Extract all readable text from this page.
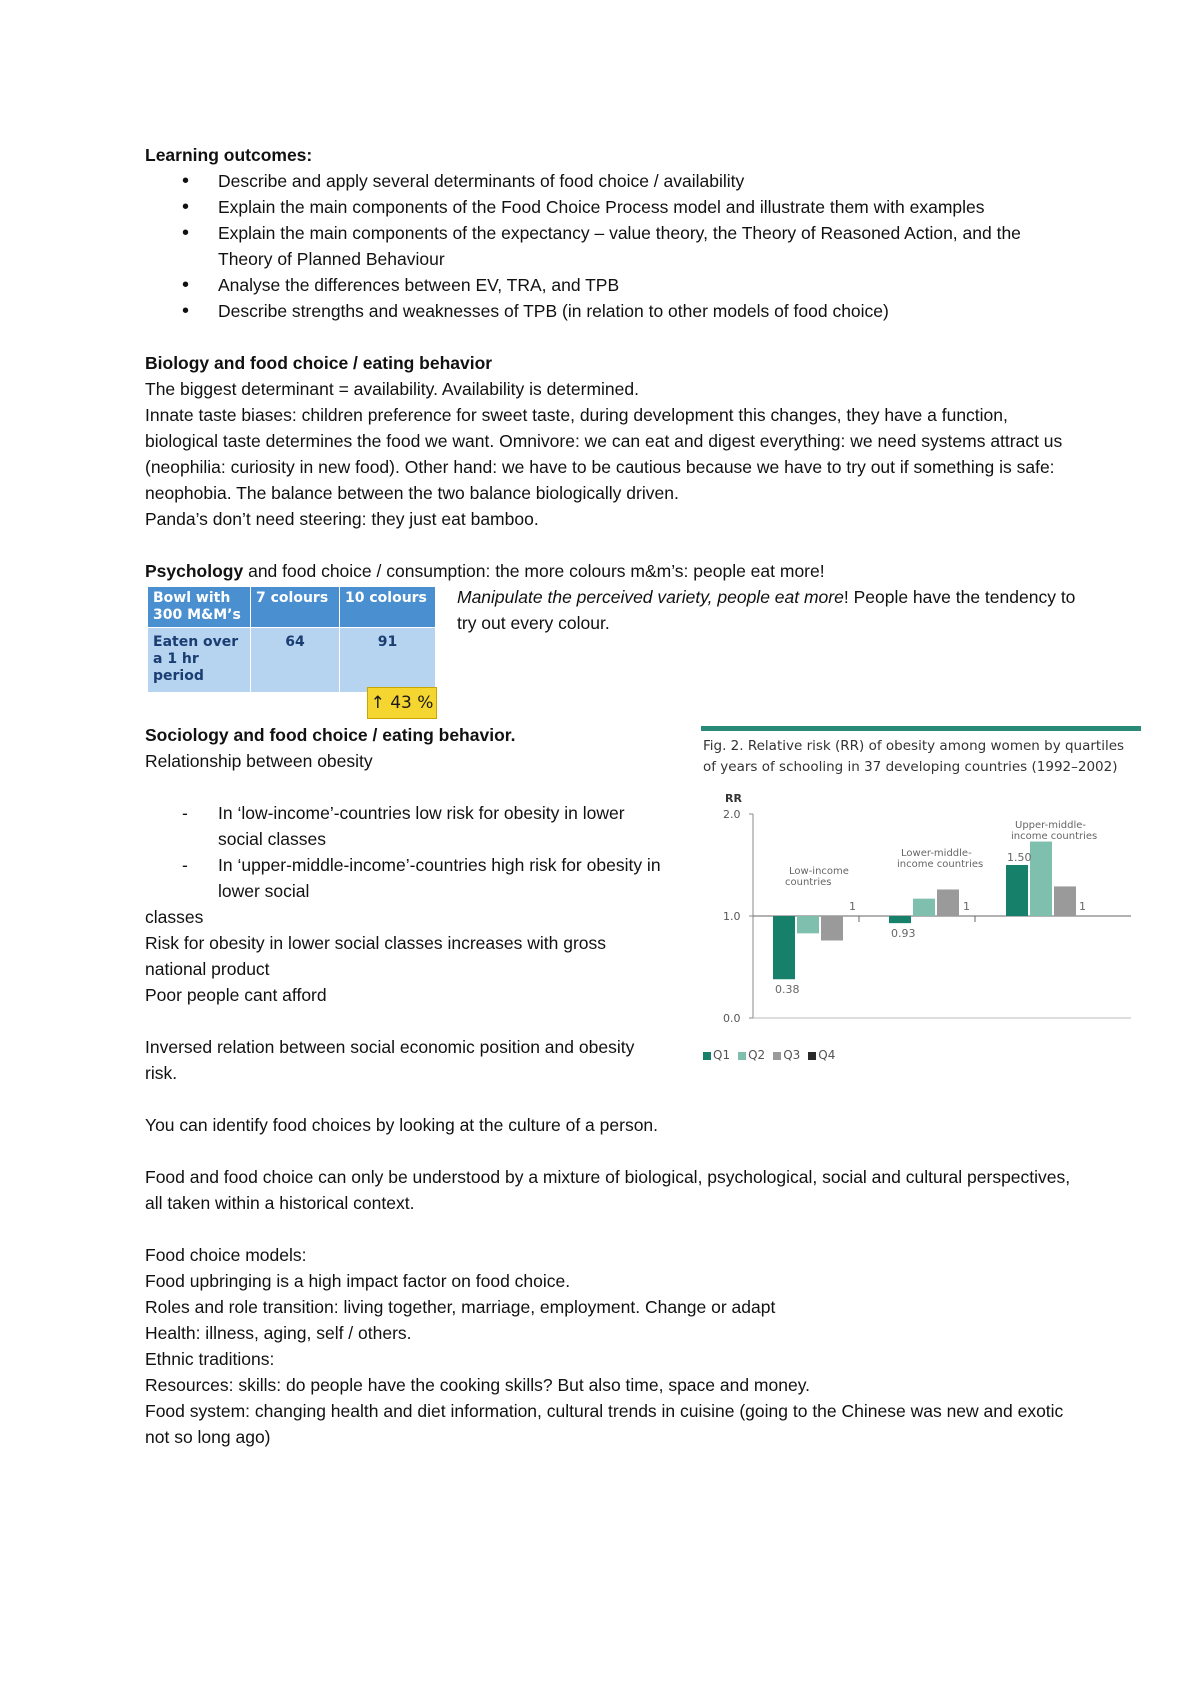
Learning outcomes:

• Describe and apply several determinants of food choice / availability
• Explain the main components of the Food Choice Process model and illustrate them with examples
• Explain the main components of the expectancy – value theory, the Theory of Reasoned Action, and the Theory of Planned Behaviour
• Analyse the differences between EV, TRA, and TPB
• Describe strengths and weaknesses of TPB (in relation to other models of food choice)

Biology and food choice / eating behavior

The biggest determinant = availability. Availability is determined.

Innate taste biases: children preference for sweet taste, during development this changes, they have a function, biological taste determines the food we want. Omnivore: we can eat and digest everything: we need systems attract us (neophilia: curiosity in new food). Other hand: we have to be cautious because we have to try out if something is safe: neophobia. The balance between the two balance biologically driven.

Panda’s don’t need steering: they just eat bamboo.

Psychology and food choice / consumption: the more colours m&m’s: people eat more!

Bowl with 300 M&M’s	7 colours	10 colours
Eaten over a 1 hr period	64	91
↑ 43 %

Manipulate the perceived variety, people eat more! People have the tendency to try out every colour.

Sociology and food choice / eating behavior.

Relationship between obesity

- In ‘low-income’-countries low risk for obesity in lower social classes
- In ‘upper-middle-income’-countries high risk for obesity in lower social

classes

Risk for obesity in lower social classes increases with gross national product

Poor people cant afford

Inversed relation between social economic position and obesity risk.

Fig. 2. Relative risk (RR) of obesity among women by quartiles of years of schooling in 37 developing countries (1992–2002)
RR
2.0
1.0
0.0
Low-income countries
Lower-middle-income countries
Upper-middle-income countries
0.38
0.93
1.50
1	1	1
Q1 Q2 Q3 Q4

You can identify food choices by looking at the culture of a person.

Food and food choice can only be understood by a mixture of biological, psychological, social and cultural perspectives, all taken within a historical context.

Food choice models:

Food upbringing is a high impact factor on food choice.

Roles and role transition: living together, marriage, employment. Change or adapt

Health: illness, aging, self / others.

Ethnic traditions:

Resources: skills: do people have the cooking skills? But also time, space and money.

Food system: changing health and diet information, cultural trends in cuisine (going to the Chinese was new and exotic not so long ago)
